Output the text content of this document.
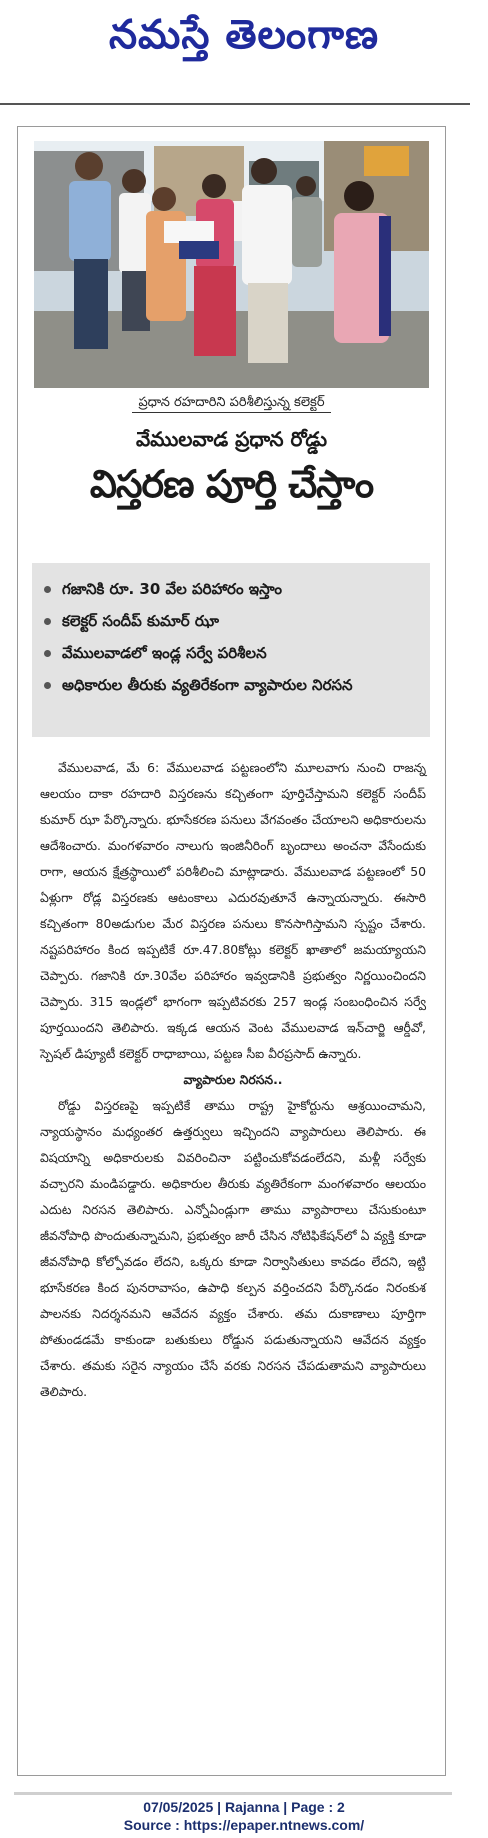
నమస్తే తెలంగాణ
ప్రధాన రహదారిని పరిశీలిస్తున్న కలెక్టర్
వేములవాడ ప్రధాన రోడ్డు
విస్తరణ పూర్తి చేస్తాం
గజానికి రూ. 30 వేల పరిహారం ఇస్తాం
కలెక్టర్ సందీప్ కుమార్ ఝా
వేములవాడలో ఇండ్ల సర్వే పరిశీలన
అధికారుల తీరుకు వ్యతిరేకంగా వ్యాపారుల నిరసన

వేములవాడ, మే 6: వేములవాడ పట్టణంలోని మూలవాగు నుంచి రాజన్న ఆలయం దాకా రహదారి విస్తరణను కచ్చితంగా పూర్తిచేస్తామని కలెక్టర్ సందీప్ కుమార్ ఝా పేర్కొన్నారు. భూసేకరణ పనులు వేగవంతం చేయాలని అధికారులను ఆదేశించారు. మంగళవారం నాలుగు ఇంజినీరింగ్ బృందాలు అంచనా వేసేందుకు రాగా, ఆయన క్షేత్రస్థాయిలో పరిశీలించి మాట్లాడారు. వేములవాడ పట్టణంలో 50 ఏళ్లుగా రోడ్ల విస్తరణకు ఆటంకాలు ఎదురవుతూనే ఉన్నాయన్నారు. ఈసారి కచ్చితంగా 80అడుగుల మేర విస్తరణ పనులు కొనసాగిస్తామని స్పష్టం చేశారు. నష్టపరిహారం కింద ఇప్పటికే రూ.47.80కోట్లు కలెక్టర్ ఖాతాలో జమయ్యాయని చెప్పారు. గజానికి రూ.30వేల పరిహారం ఇవ్వడానికి ప్రభుత్వం నిర్ణయించిందని చెప్పారు. 315 ఇండ్లలో భాగంగా ఇప్పటివరకు 257 ఇండ్ల సంబంధించిన సర్వే పూర్తయిందని తెలిపారు. ఇక్కడ ఆయన వెంట వేములవాడ ఇన్‌చార్జి ఆర్డీవో, స్పెషల్ డిప్యూటీ కలెక్టర్ రాధాబాయి, పట్టణ సీఐ వీరప్రసాద్ ఉన్నారు.

వ్యాపారుల నిరసన..

రోడ్డు విస్తరణపై ఇప్పటికే తాము రాష్ట్ర హైకోర్టును ఆశ్రయించామని, న్యాయస్థానం మధ్యంతర ఉత్తర్వులు ఇచ్చిందని వ్యాపారులు తెలిపారు. ఈ విషయాన్ని అధికారులకు వివరించినా పట్టించుకోవడంలేదని, మళ్లీ సర్వేకు వచ్చారని మండిపడ్డారు. అధికారుల తీరుకు వ్యతిరేకంగా మంగళవారం ఆలయం ఎదుట నిరసన తెలిపారు. ఎన్నోఏండ్లుగా తాము వ్యాపారాలు చేసుకుంటూ జీవనోపాధి పొందుతున్నామని, ప్రభుత్వం జారీ చేసిన నోటిఫికేషన్‌లో ఏ వ్యక్తి కూడా జీవనోపాధి కోల్పోవడం లేదని, ఒక్కరు కూడా నిర్వాసితులు కావడం లేదని, ఇట్టి భూసేకరణ కింద పునరావాసం, ఉపాధి కల్పన వర్తించదని పేర్కొనడం నిరంకుశ పాలనకు నిదర్శనమని ఆవేదన వ్యక్తం చేశారు. తమ దుకాణాలు పూర్తిగా పోతుండడమే కాకుండా బతుకులు రోడ్డున పడుతున్నాయని ఆవేదన వ్యక్తం చేశారు. తమకు సరైన న్యాయం చేసే వరకు నిరసన చేపడుతామని వ్యాపారులు తెలిపారు.

07/05/2025 | Rajanna | Page : 2
Source : https://epaper.ntnews.com/
